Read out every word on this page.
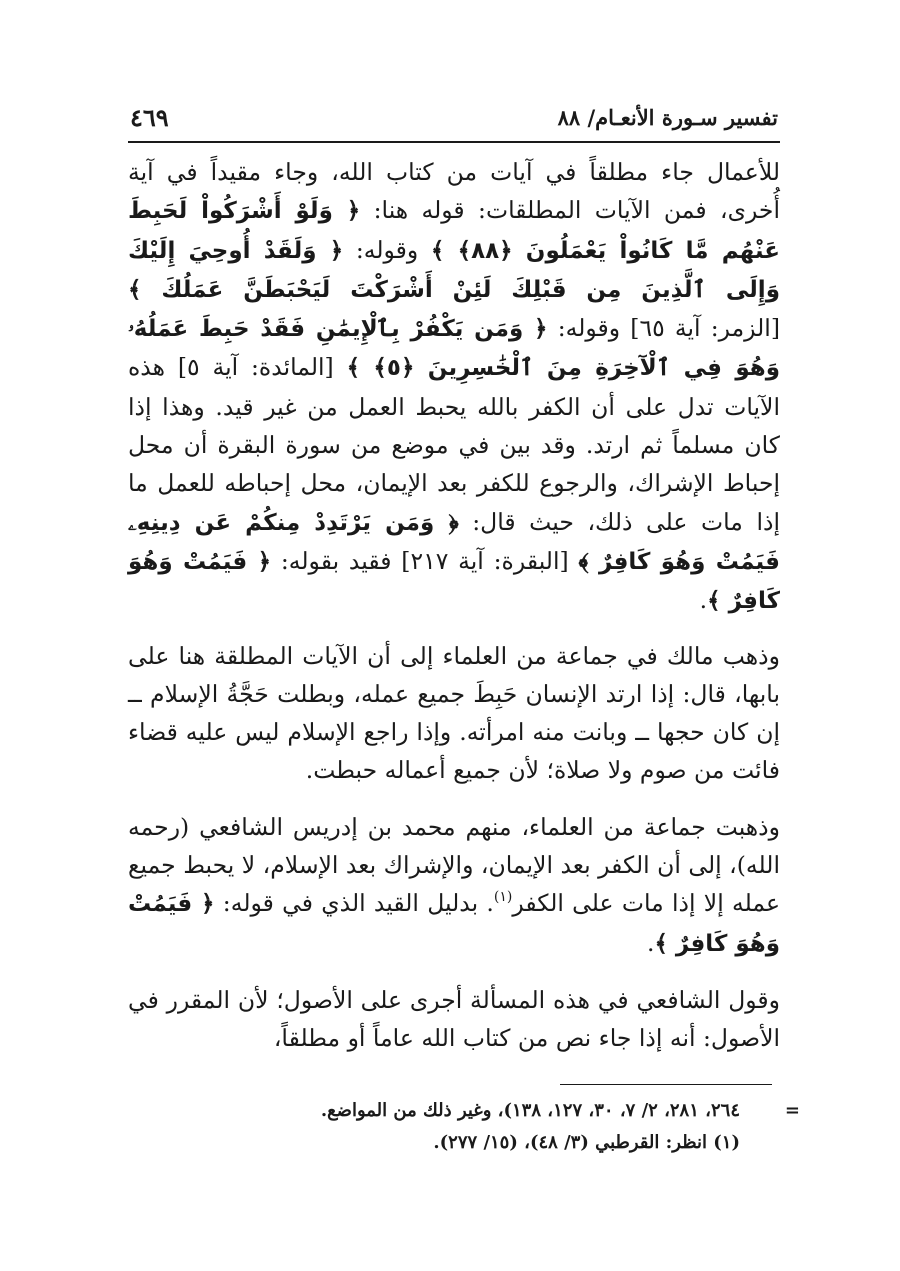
تفسير سـورة الأنعـام/ ٨٨
٤٦٩

للأعمال جاء مطلقاً في آيات من كتاب الله، وجاء مقيداً في آية أُخرى، فمن الآيات المطلقات: قوله هنا: ﴿ وَلَوْ أَشْرَكُواْ لَحَبِطَ عَنْهُم مَّا كَانُواْ يَعْمَلُونَ ﴿٨٨﴾ ﴾ وقوله: ﴿ وَلَقَدْ أُوحِيَ إِلَيْكَ وَإِلَى ٱلَّذِينَ مِن قَبْلِكَ لَئِنْ أَشْرَكْتَ لَيَحْبَطَنَّ عَمَلُكَ ﴾ [الزمر: آية ٦٥] وقوله: ﴿ وَمَن يَكْفُرْ بِٱلْإِيمَٰنِ فَقَدْ حَبِطَ عَمَلُهُۥ وَهُوَ فِي ٱلْآخِرَةِ مِنَ ٱلْخَٰسِرِينَ ﴿٥﴾ ﴾ [المائدة: آية ٥] هذه الآيات تدل على أن الكفر بالله يحبط العمل من غير قيد. وهذا إذا كان مسلماً ثم ارتد. وقد بين في موضع من سورة البقرة أن محل إحباط الإشراك، والرجوع للكفر بعد الإيمان، محل إحباطه للعمل ما إذا مات على ذلك، حيث قال: ﴿ وَمَن يَرْتَدِدْ مِنكُمْ عَن دِينِهِۦ فَيَمُتْ وَهُوَ كَافِرٌ ﴾ [البقرة: آية ٢١٧] فقيد بقوله: ﴿ فَيَمُتْ وَهُوَ كَافِرٌ ﴾.

وذهب مالك في جماعة من العلماء إلى أن الآيات المطلقة هنا على بابها، قال: إذا ارتد الإنسان حَبِطَ جميع عمله، وبطلت حَجَّةُ الإسلام ــ إن كان حجها ــ وبانت منه امرأته. وإذا راجع الإسلام ليس عليه قضاء فائت من صوم ولا صلاة؛ لأن جميع أعماله حبطت.

وذهبت جماعة من العلماء، منهم محمد بن إدريس الشافعي (رحمه الله)، إلى أن الكفر بعد الإيمان، والإشراك بعد الإسلام، لا يحبط جميع عمله إلا إذا مات على الكفر$^{(١)}$. بدليل القيد الذي في قوله: ﴿ فَيَمُتْ وَهُوَ كَافِرٌ ﴾.

وقول الشافعي في هذه المسألة أجرى على الأصول؛ لأن المقرر في الأصول: أنه إذا جاء نص من كتاب الله عاماً أو مطلقاً،

=
٢٦٤، ٢٨١، ٢/ ٧، ٣٠، ١٢٧، ١٣٨)، وغير ذلك من المواضع.
(١) انظر: القرطبي (٣/ ٤٨)، (١٥/ ٢٧٧).
